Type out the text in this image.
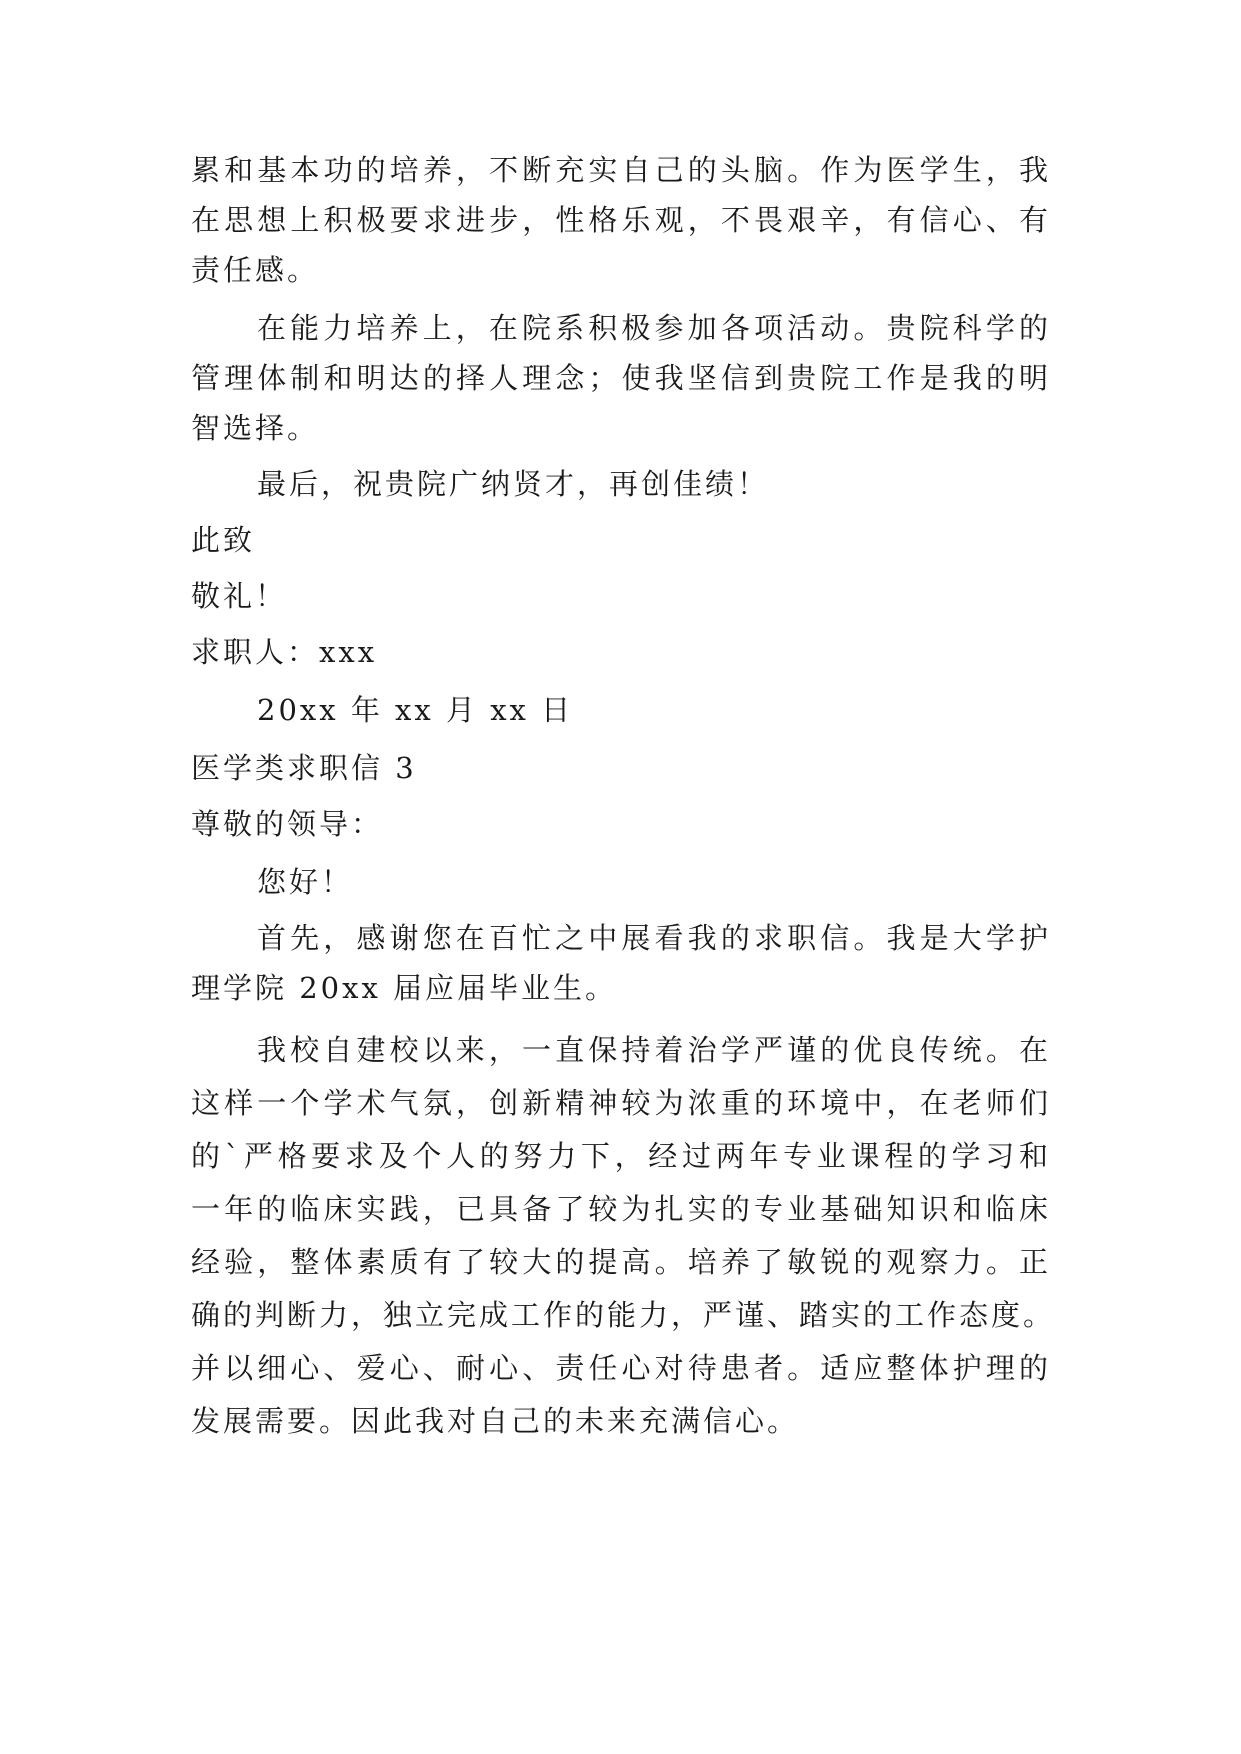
累和基本功的培养，不断充实自己的头脑。作为医学生，我
在思想上积极要求进步，性格乐观，不畏艰辛，有信心、有
责任感。
在能力培养上，在院系积极参加各项活动。贵院科学的
管理体制和明达的择人理念；使我坚信到贵院工作是我的明
智选择。
最后，祝贵院广纳贤才，再创佳绩！
此致
敬礼！
求职人：xxx
20xx 年 xx 月 xx 日
医学类求职信 3
尊敬的领导：
您好！
首先，感谢您在百忙之中展看我的求职信。我是大学护
理学院 20xx 届应届毕业生。
我校自建校以来，一直保持着治学严谨的优良传统。在
这样一个学术气氛，创新精神较为浓重的环境中，在老师们
的`严格要求及个人的努力下，经过两年专业课程的学习和
一年的临床实践，已具备了较为扎实的专业基础知识和临床
经验，整体素质有了较大的提高。培养了敏锐的观察力。正
确的判断力，独立完成工作的能力，严谨、踏实的工作态度。
并以细心、爱心、耐心、责任心对待患者。适应整体护理的
发展需要。因此我对自己的未来充满信心。
